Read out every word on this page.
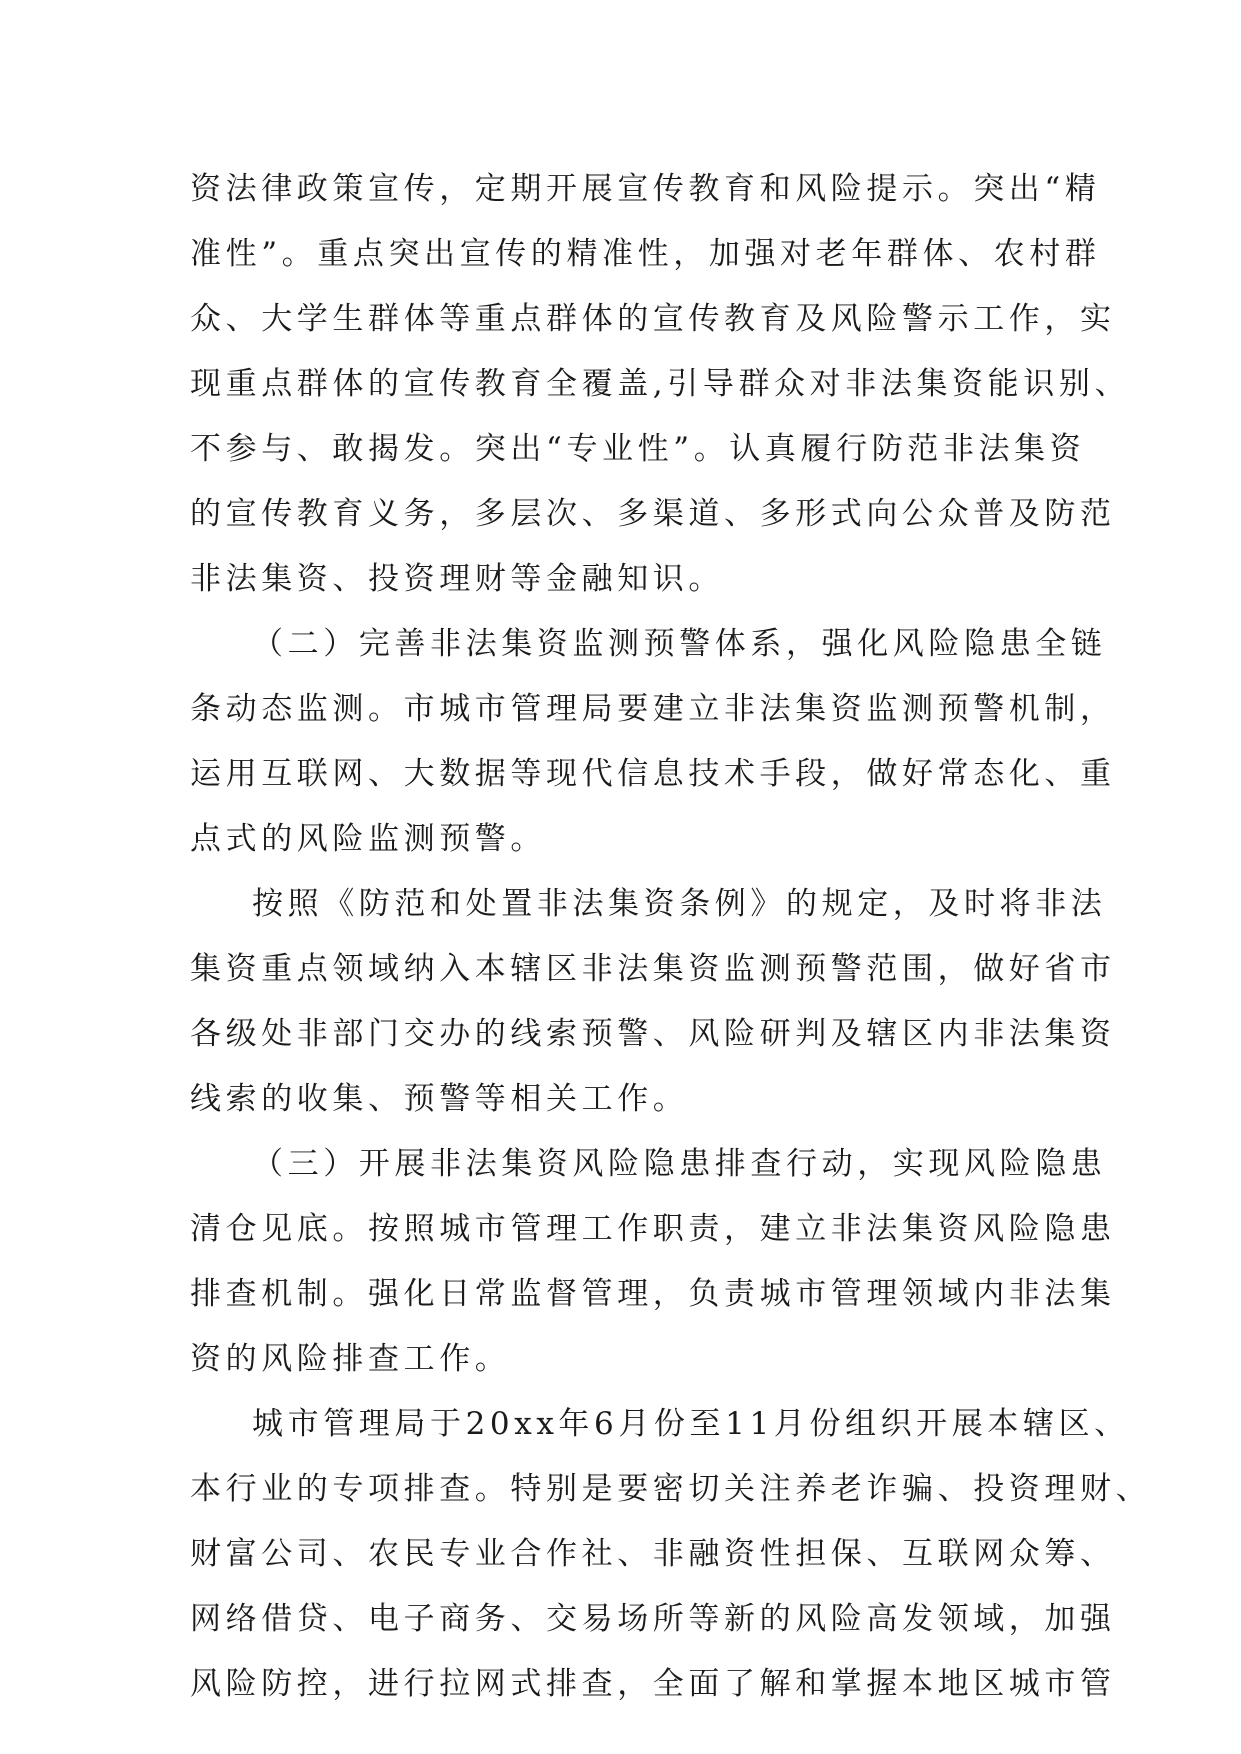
资法律政策宣传，定期开展宣传教育和风险提示。突出“精
准性”。重点突出宣传的精准性，加强对老年群体、农村群
众、大学生群体等重点群体的宣传教育及风险警示工作，实
现重点群体的宣传教育全覆盖,引导群众对非法集资能识别、
不参与、敢揭发。突出“专业性”。认真履行防范非法集资
的宣传教育义务，多层次、多渠道、多形式向公众普及防范
非法集资、投资理财等金融知识。
（二）完善非法集资监测预警体系，强化风险隐患全链
条动态监测。市城市管理局要建立非法集资监测预警机制，
运用互联网、大数据等现代信息技术手段，做好常态化、重
点式的风险监测预警。
按照《防范和处置非法集资条例》的规定，及时将非法
集资重点领域纳入本辖区非法集资监测预警范围，做好省市
各级处非部门交办的线索预警、风险研判及辖区内非法集资
线索的收集、预警等相关工作。
（三）开展非法集资风险隐患排查行动，实现风险隐患
清仓见底。按照城市管理工作职责，建立非法集资风险隐患
排查机制。强化日常监督管理，负责城市管理领域内非法集
资的风险排查工作。
城市管理局于20xx年6月份至11月份组织开展本辖区、
本行业的专项排查。特别是要密切关注养老诈骗、投资理财、
财富公司、农民专业合作社、非融资性担保、互联网众筹、
网络借贷、电子商务、交易场所等新的风险高发领域，加强
风险防控，进行拉网式排查，全面了解和掌握本地区城市管
